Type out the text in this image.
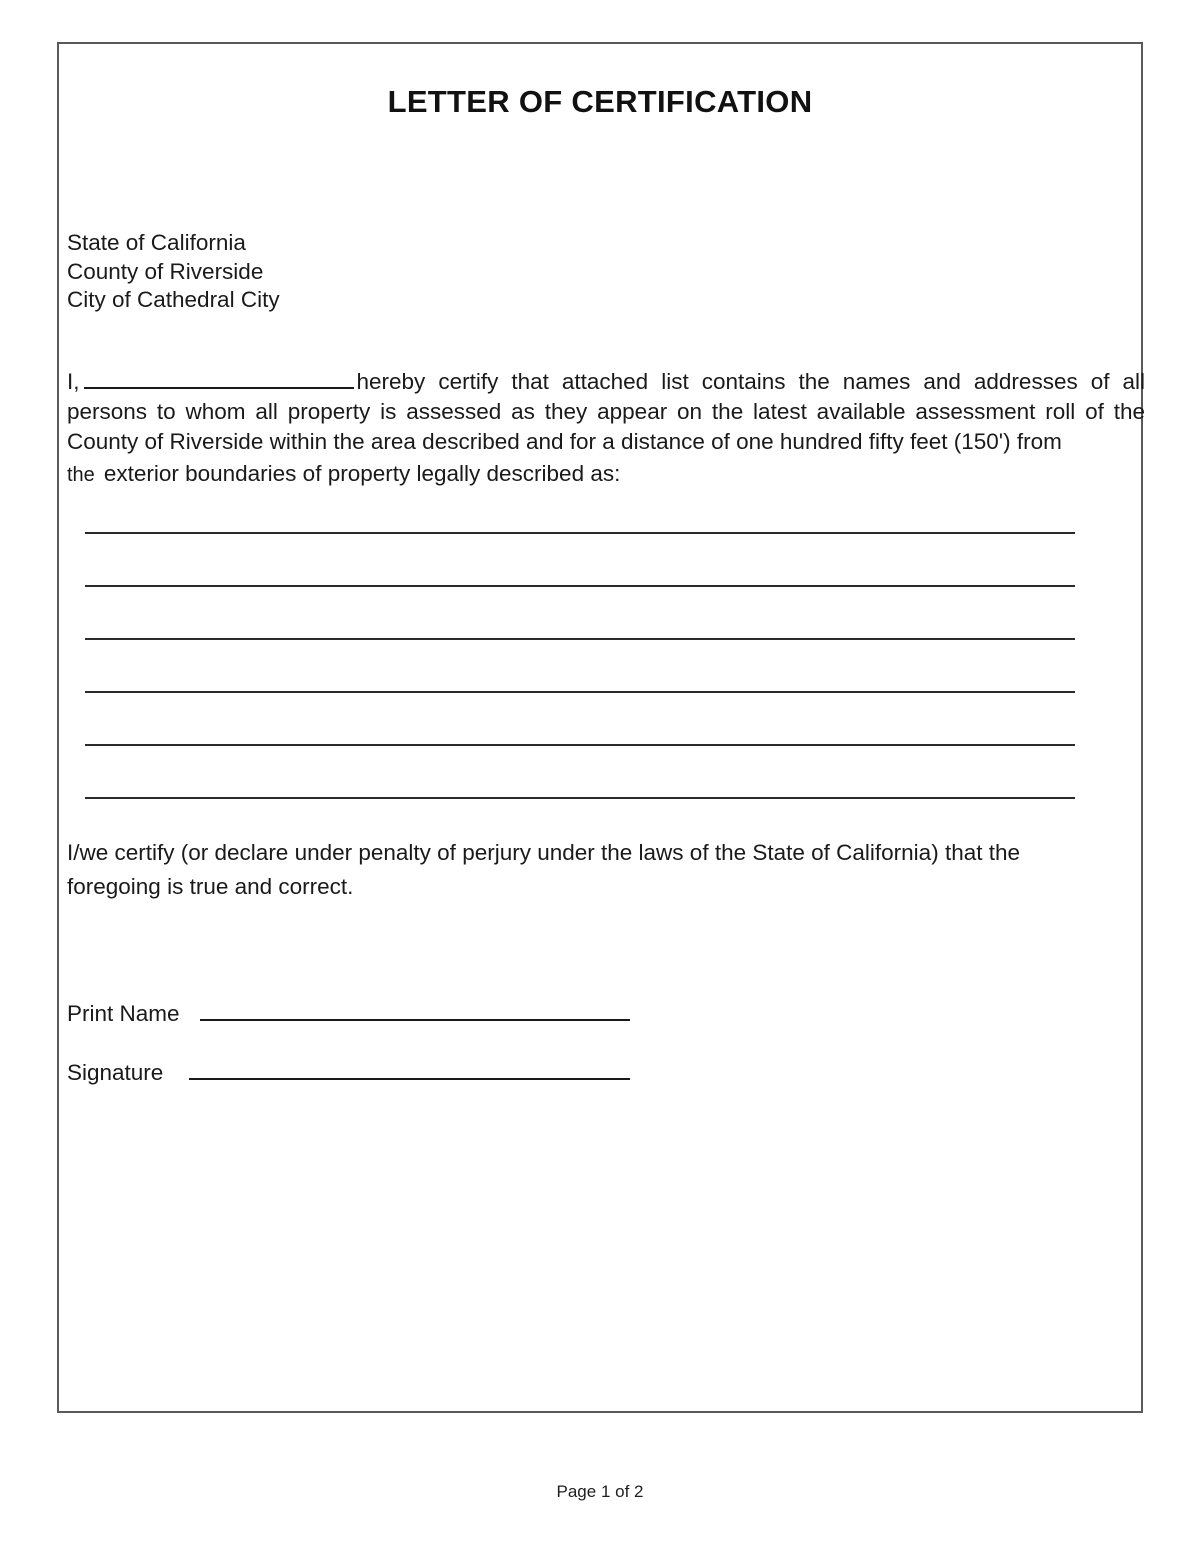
LETTER OF CERTIFICATION
State of California
County of Riverside
City of Cathedral City
I,	hereby certify that attached list contains the names and addresses of all persons to whom all property is assessed as they appear on the latest available assessment roll of the County of Riverside within the area described and for a distance of one hundred fifty feet (150') from
the exterior boundaries of property legally described as:
I/we certify (or declare under penalty of perjury under the laws of the State of California) that the foregoing is true and correct.
Print Name
Signature
Page 1 of 2
